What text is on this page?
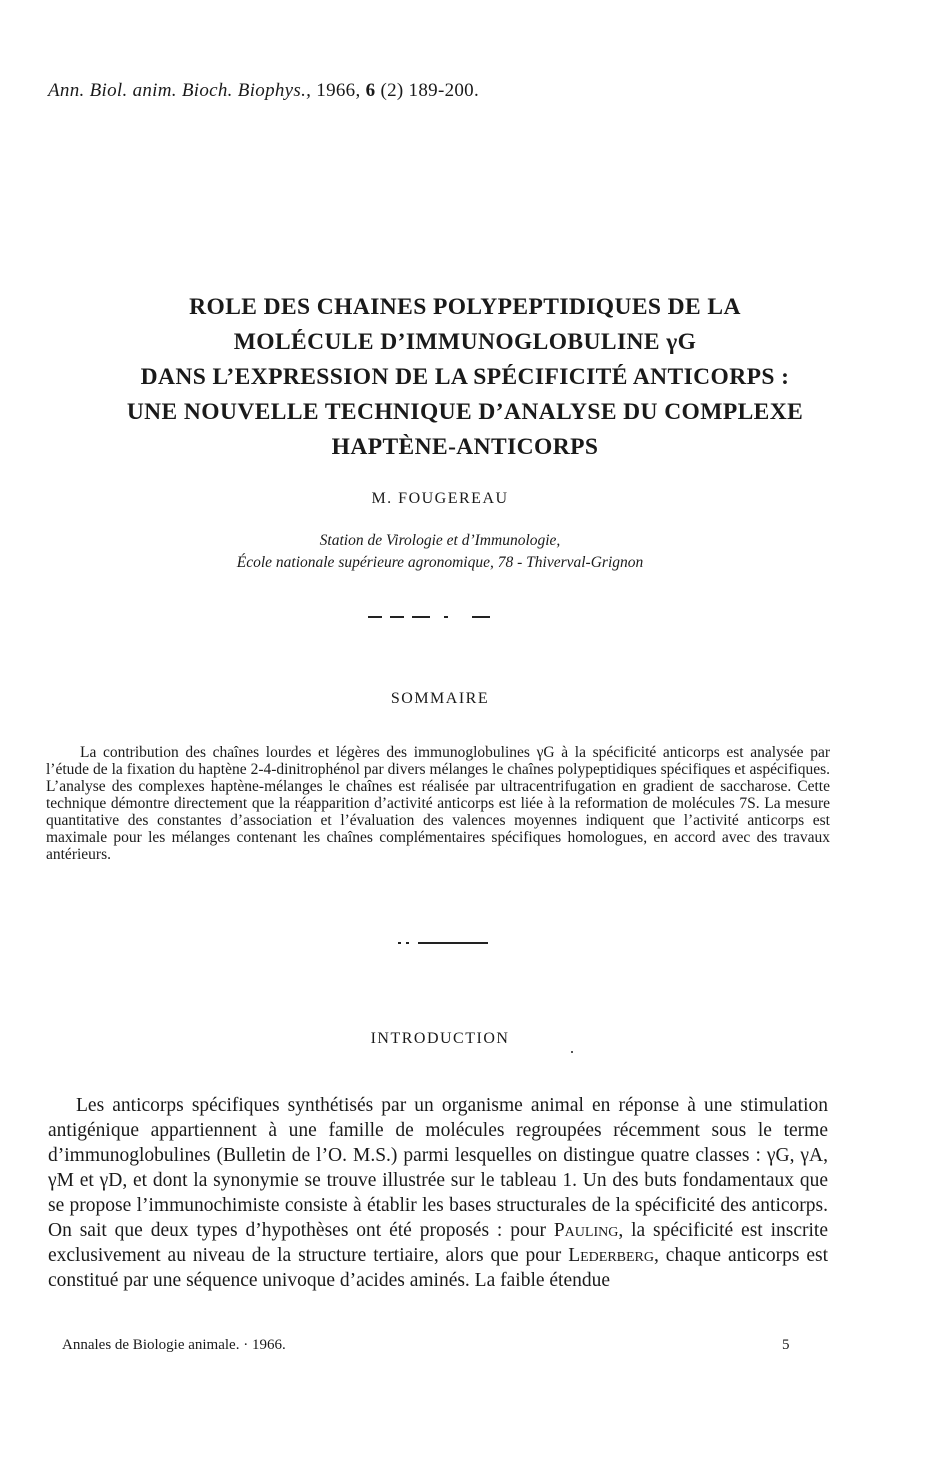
Ann. Biol. anim. Bioch. Biophys., 1966, 6 (2) 189-200.
ROLE DES CHAINES POLYPEPTIDIQUES DE LA
MOLÉCULE D’IMMUNOGLOBULINE γG
DANS L’EXPRESSION DE LA SPÉCIFICITÉ ANTICORPS :
UNE NOUVELLE TECHNIQUE D’ANALYSE DU COMPLEXE
HAPTÈNE-ANTICORPS
M. FOUGEREAU
Station de Virologie et d’Immunologie,
École nationale supérieure agronomique, 78 - Thiverval-Grignon
SOMMAIRE
La contribution des chaînes lourdes et légères des immunoglobulines γG à la spécificité anticorps est analysée par l’étude de la fixation du haptène 2-4-dinitrophénol par divers mélanges le chaînes polypeptidiques spécifiques et aspécifiques. L’analyse des complexes haptène-mélanges le chaînes est réalisée par ultracentrifugation en gradient de saccharose. Cette technique démontre directement que la réapparition d’activité anticorps est liée à la reformation de molécules 7S. La mesure quantitative des constantes d’association et l’évaluation des valences moyennes indiquent que l’activité anticorps est maximale pour les mélanges contenant les chaînes complémentaires spécifiques homologues, en accord avec des travaux antérieurs.
INTRODUCTION
Les anticorps spécifiques synthétisés par un organisme animal en réponse à une stimulation antigénique appartiennent à une famille de molécules regroupées récemment sous le terme d’immunoglobulines (Bulletin de l’O. M.S.) parmi lesquelles on distingue quatre classes : γG, γA, γM et γD, et dont la synonymie se trouve illustrée sur le tableau 1. Un des buts fondamentaux que se propose l’immunochimiste consiste à établir les bases structurales de la spécificité des anticorps. On sait que deux types d’hypothèses ont été proposés : pour Pauling, la spécificité est inscrite exclusivement au niveau de la structure tertiaire, alors que pour Lederberg, chaque anticorps est constitué par une séquence univoque d’acides aminés. La faible étendue
Annales de Biologie animale. · 1966.	5
